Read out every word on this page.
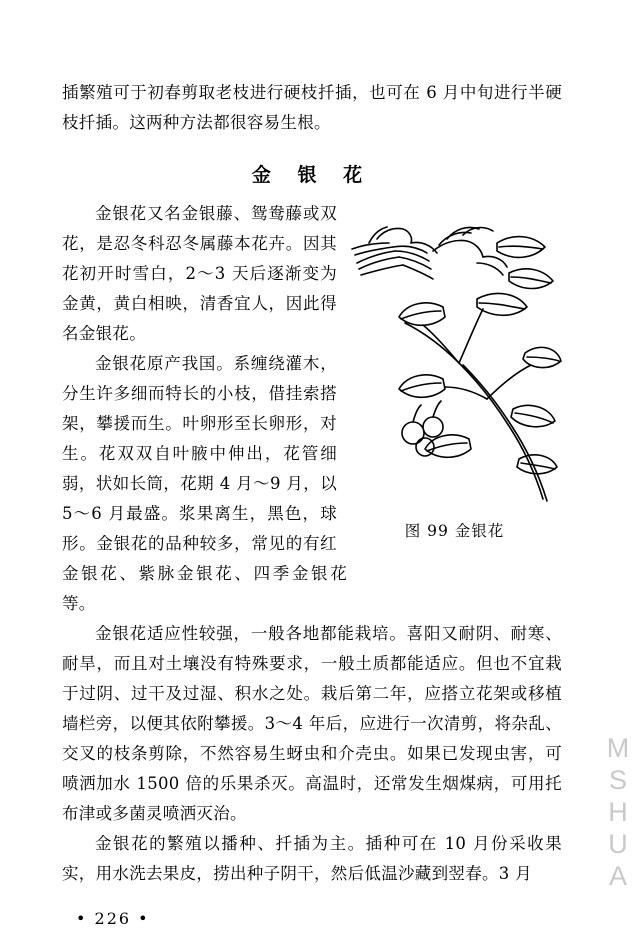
插繁殖可于初春剪取老枝进行硬枝扦插，也可在 6 月中旬进行半硬枝扦插。这两种方法都很容易生根。

金 银 花
图 99 金银花

金银花又名金银藤、鸳鸯藤或双花，是忍冬科忍冬属藤本花卉。因其花初开时雪白，2～3 天后逐渐变为金黄，黄白相映，清香宜人，因此得名金银花。

金银花原产我国。系缠绕灌木，分生许多细而特长的小枝，借挂索搭架，攀援而生。叶卵形至长卵形，对生。花双双自叶腋中伸出，花管细弱，状如长筒，花期 4 月～9 月，以 5～6 月最盛。浆果离生，黑色，球形。金银花的品种较多，常见的有红金银花、紫脉金银花、四季金银花等。

金银花适应性较强，一般各地都能栽培。喜阳又耐阴、耐寒、耐旱，而且对土壤没有特殊要求，一般土质都能适应。但也不宜栽于过阴、过干及过湿、积水之处。栽后第二年，应搭立花架或移植墙栏旁，以便其依附攀援。3～4 年后，应进行一次清剪，将杂乱、交叉的枝条剪除，不然容易生蚜虫和介壳虫。如果已发现虫害，可喷洒加水 1500 倍的乐果杀灭。高温时，还常发生烟煤病，可用托布津或多菌灵喷洒灭治。

金银花的繁殖以播种、扦插为主。插种可在 10 月份采收果实，用水洗去果皮，捞出种子阴干，然后低温沙藏到翌春。3 月

• 226 •
MSHUA
